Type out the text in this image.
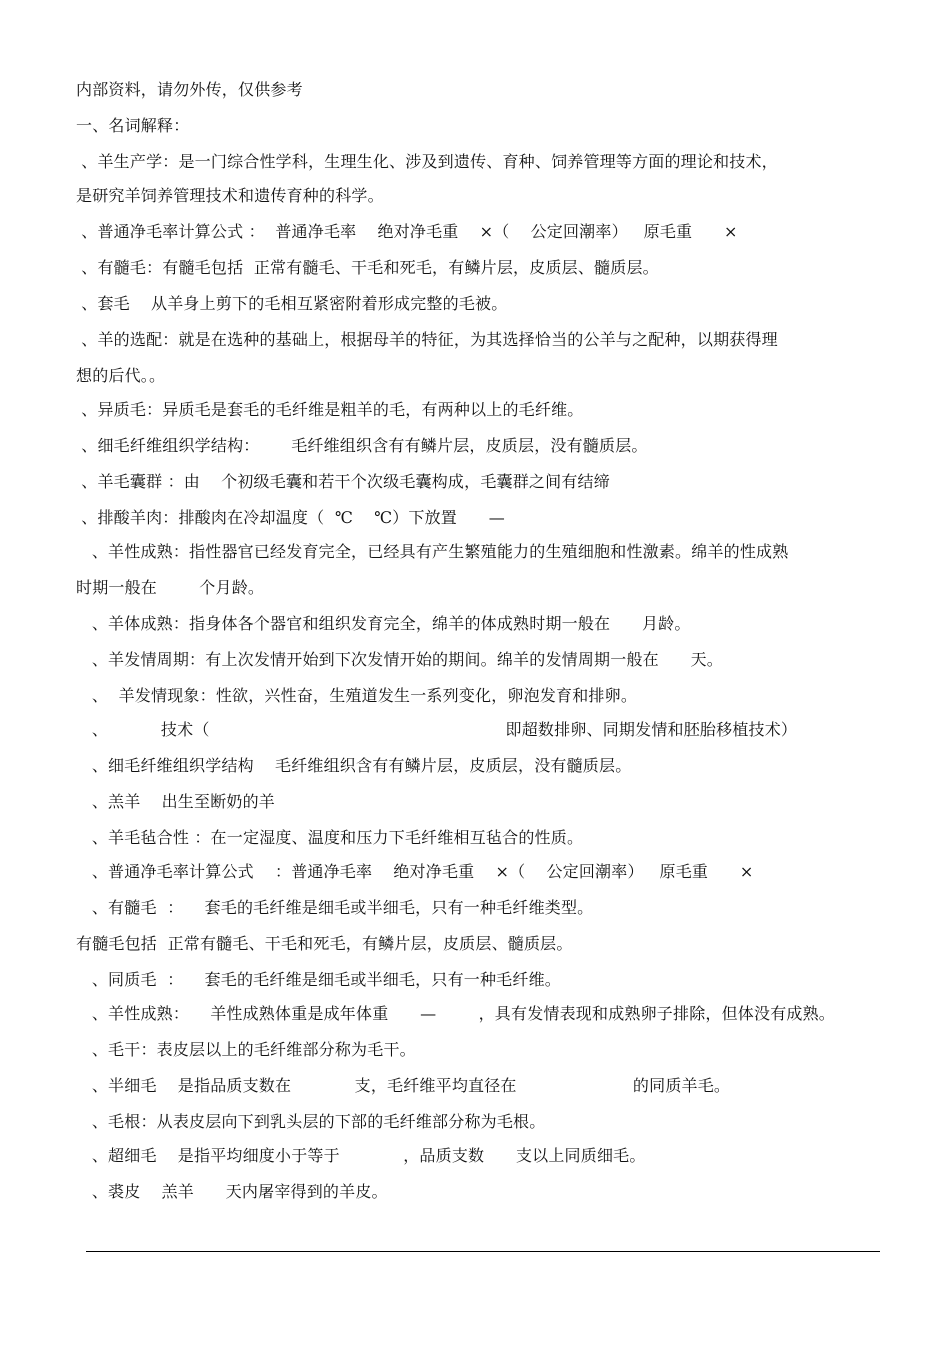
内部资料，请勿外传，仅供参考
一、名词解释：
、羊生产学：是一门综合性学科，生理生化、涉及到遗传、育种、饲养管理等方面的理论和技术，
是研究羊饲养管理技术和遗传育种的科学。
、普通净毛率计算公式 ：  普通净毛率    绝对净毛重    ×（    公定回潮率）   原毛重      ×
、有髓毛：有髓毛包括  正常有髓毛、干毛和死毛，有鳞片层，皮质层、髓质层。
、套毛    从羊身上剪下的毛相互紧密附着形成完整的毛被。
、羊的选配：就是在选种的基础上，根据母羊的特征，为其选择恰当的公羊与之配种，以期获得理
想的后代。。
、异质毛：异质毛是套毛的毛纤维是粗羊的毛，有两种以上的毛纤维。
、细毛纤维组织学结构：      毛纤维组织含有有鳞片层，皮质层，没有髓质层。
、羊毛囊群 ：由    个初级毛囊和若干个次级毛囊构成，毛囊群之间有结缔
、排酸羊肉：排酸肉在冷却温度（  ℃    ℃）下放置      —
、羊性成熟：指性器官已经发育完全，已经具有产生繁殖能力的生殖细胞和性激素。绵羊的性成熟
时期一般在        个月龄。
、羊体成熟：指身体各个器官和组织发育完全，绵羊的体成熟时期一般在      月龄。
、羊发情周期：有上次发情开始到下次发情开始的期间。绵羊的发情周期一般在      天。
、  羊发情现象：性欲，兴性奋，生殖道发生一系列变化，卵泡发育和排卵。
、          技术（                                                        即超数排卵、同期发情和胚胎移植技术）
、细毛纤维组织学结构    毛纤维组织含有有鳞片层，皮质层，没有髓质层。
、羔羊    出生至断奶的羊
、羊毛毡合性 ：在一定湿度、温度和压力下毛纤维相互毡合的性质。
、普通净毛率计算公式    ：普通净毛率    绝对净毛重    ×（    公定回潮率）   原毛重      ×
、有髓毛  ：    套毛的毛纤维是细毛或半细毛，只有一种毛纤维类型。
有髓毛包括  正常有髓毛、干毛和死毛，有鳞片层，皮质层、髓质层。
、同质毛  ：    套毛的毛纤维是细毛或半细毛，只有一种毛纤维。
、羊性成熟：    羊性成熟体重是成年体重      —        ，具有发情表现和成熟卵子排除，但体没有成熟。
、毛干：表皮层以上的毛纤维部分称为毛干。
、半细毛    是指品质支数在            支，毛纤维平均直径在                      的同质羊毛。
、毛根：从表皮层向下到乳头层的下部的毛纤维部分称为毛根。
、超细毛    是指平均细度小于等于            ，品质支数      支以上同质细毛。
、裘皮    羔羊      天内屠宰得到的羊皮。
